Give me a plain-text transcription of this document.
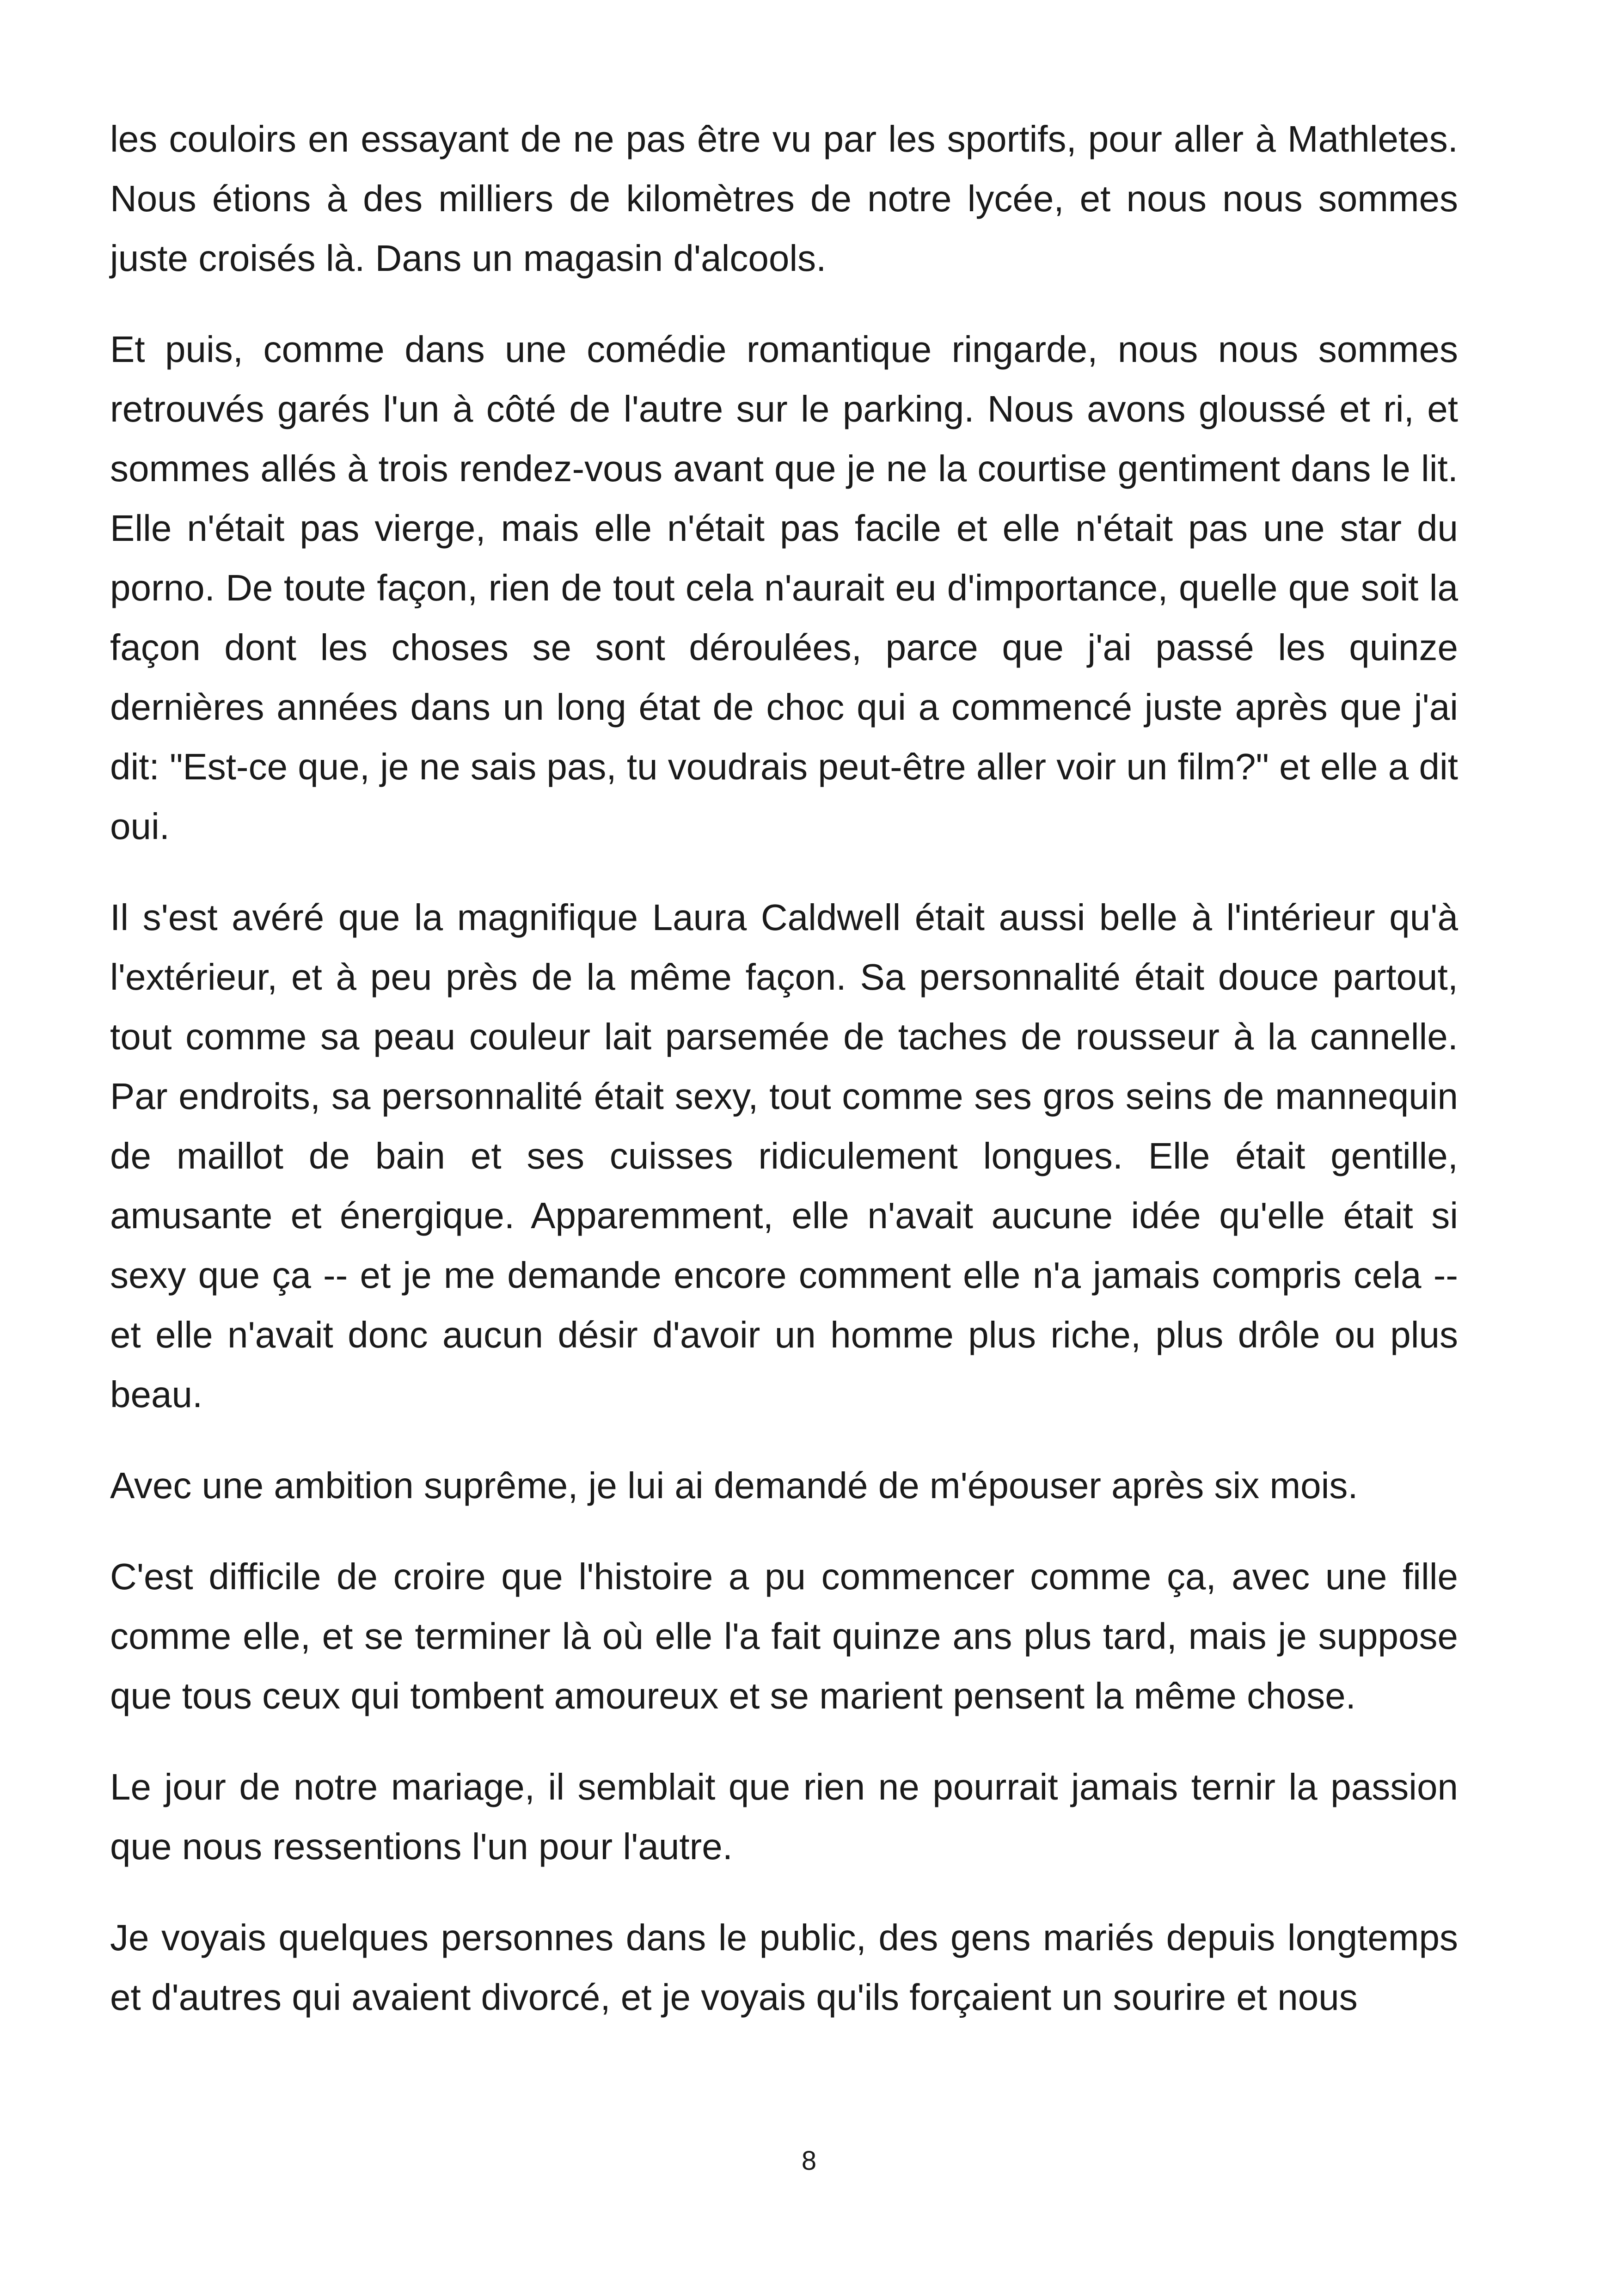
les couloirs en essayant de ne pas être vu par les sportifs, pour aller à Mathletes. Nous étions à des milliers de kilomètres de notre lycée, et nous nous sommes juste croisés là. Dans un magasin d'alcools.

Et puis, comme dans une comédie romantique ringarde, nous nous sommes retrouvés garés l'un à côté de l'autre sur le parking. Nous avons gloussé et ri, et sommes allés à trois rendez-vous avant que je ne la courtise gentiment dans le lit. Elle n'était pas vierge, mais elle n'était pas facile et elle n'était pas une star du porno. De toute façon, rien de tout cela n'aurait eu d'importance, quelle que soit la façon dont les choses se sont déroulées, parce que j'ai passé les quinze dernières années dans un long état de choc qui a commencé juste après que j'ai dit: "Est-ce que, je ne sais pas, tu voudrais peut-être aller voir un film?" et elle a dit oui.

Il s'est avéré que la magnifique Laura Caldwell était aussi belle à l'intérieur qu'à l'extérieur, et à peu près de la même façon. Sa personnalité était douce partout, tout comme sa peau couleur lait parsemée de taches de rousseur à la cannelle. Par endroits, sa personnalité était sexy, tout comme ses gros seins de mannequin de maillot de bain et ses cuisses ridiculement longues. Elle était gentille, amusante et énergique. Apparemment, elle n'avait aucune idée qu'elle était si sexy que ça -- et je me demande encore comment elle n'a jamais compris cela -- et elle n'avait donc aucun désir d'avoir un homme plus riche, plus drôle ou plus beau.

Avec une ambition suprême, je lui ai demandé de m'épouser après six mois.

C'est difficile de croire que l'histoire a pu commencer comme ça, avec une fille comme elle, et se terminer là où elle l'a fait quinze ans plus tard, mais je suppose que tous ceux qui tombent amoureux et se marient pensent la même chose.

Le jour de notre mariage, il semblait que rien ne pourrait jamais ternir la passion que nous ressentions l'un pour l'autre.

Je voyais quelques personnes dans le public, des gens mariés depuis longtemps et d'autres qui avaient divorcé, et je voyais qu'ils forçaient un sourire et nous

8
